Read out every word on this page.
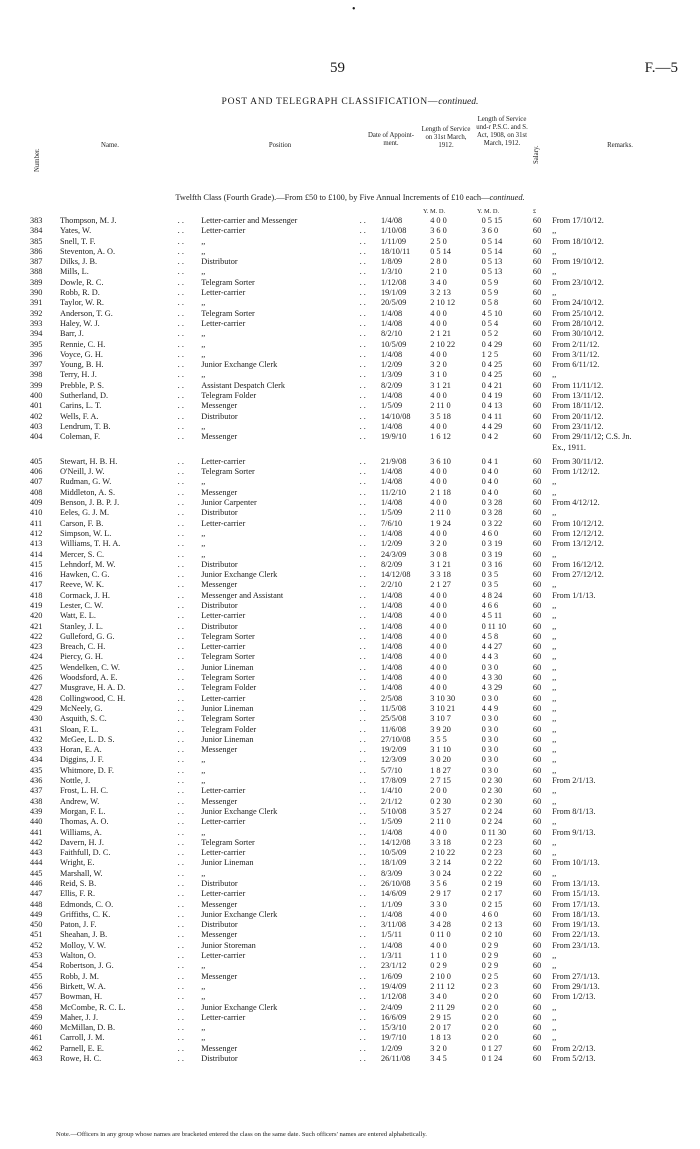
•
59	F.—5
POST AND TELEGRAPH CLASSIFICATION—continued.
Number.
Name.	Position
Date of Appoint- ment.
Length of Service on 31st March, 1912.
Length of Service und-r P.S.C. and S. Act, 1908, on 31st March, 1912.
Salary.	Remarks.
Twelfth Class (Fourth Grade).—From £50 to £100, by Five Annual Increments of £10 each—continued.
Y. M. D.	Y. M. D.	£
383	Thompson, M. J.	. .	Letter-carrier and Messenger	. .	1/4/08	4 0 0	0 5 15	60	From 17/10/12.
384	Yates, W.	. .	Letter-carrier	. .	1/10/08	3 6 0	3 6 0	60	,,
385	Snell, T. F.	. .	,,	. .	1/11/09	2 5 0	0 5 14	60	From 18/10/12.
386	Steventon, A. O.	. .	,,	. .	18/10/11	0 5 14	0 5 14	60	,,
387	Dilks, J. B.	. .	Distributor	. .	1/8/09	2 8 0	0 5 13	60	From 19/10/12.
388	Mills, L.	. .	,,	. .	1/3/10	2 1 0	0 5 13	60	,,
389	Dowle, R. C.	. .	Telegram Sorter	. .	1/12/08	3 4 0	0 5 9	60	From 23/10/12.
390	Robb, R. D.	. .	Letter-carrier	. .	19/1/09	3 2 13	0 5 9	60	,,
391	Taylor, W. R.	. .	,,	. .	20/5/09	2 10 12	0 5 8	60	From 24/10/12.
392	Anderson, T. G.	. .	Telegram Sorter	. .	1/4/08	4 0 0	4 5 10	60	From 25/10/12.
393	Haley, W. J.	. .	Letter-carrier	. .	1/4/08	4 0 0	0 5 4	60	From 28/10/12.
394	Barr, J.	. .	,,	. .	8/2/10	2 1 21	0 5 2	60	From 30/10/12.
395	Rennie, C. H.	. .	,,	. .	10/5/09	2 10 22	0 4 29	60	From 2/11/12.
396	Voyce, G. H.	. .	,,	. .	1/4/08	4 0 0	1 2 5	60	From 3/11/12.
397	Young, B. H.	. .	Junior Exchange Clerk	. .	1/2/09	3 2 0	0 4 25	60	From 6/11/12.
398	Terry, H. J.	. .	,,	. .	1/3/09	3 1 0	0 4 25	60	,,
399	Prebble, P. S.	. .	Assistant Despatch Clerk	. .	8/2/09	3 1 21	0 4 21	60	From 11/11/12.
400	Sutherland, D.	. .	Telegram Folder	. .	1/4/08	4 0 0	0 4 19	60	From 13/11/12.
401	Carins, L. T.	. .	Messenger	. .	1/5/09	2 11 0	0 4 13	60	From 18/11/12.
402	Wells, F. A.	. .	Distributor	. .	14/10/08	3 5 18	0 4 11	60	From 20/11/12.
403	Lendrum, T. B.	. .	,,	. .	1/4/08	4 0 0	4 4 29	60	From 23/11/12.
404	Coleman, F.	. .	Messenger	. .	19/9/10	1 6 12	0 4 2	60	From 29/11/12; C.S. Jn.
									Ex., 1911.
405	Stewart, H. B. H.	. .	Letter-carrier	. .	21/9/08	3 6 10	0 4 1	60	From 30/11/12.
406	O'Neill, J. W.	. .	Telegram Sorter	. .	1/4/08	4 0 0	0 4 0	60	From 1/12/12.
407	Rudman, G. W.	. .	,,	. .	1/4/08	4 0 0	0 4 0	60	,,
408	Middleton, A. S.	. .	Messenger	. .	11/2/10	2 1 18	0 4 0	60	,,
409	Benson, J. B. P. J.	. .	Junior Carpenter	. .	1/4/08	4 0 0	0 3 28	60	From 4/12/12.
410	Eeles, G. J. M.	. .	Distributor	. .	1/5/09	2 11 0	0 3 28	60	,,
411	Carson, F. B.	. .	Letter-carrier	. .	7/6/10	1 9 24	0 3 22	60	From 10/12/12.
412	Simpson, W. L.	. .	,,	. .	1/4/08	4 0 0	4 6 0	60	From 12/12/12.
413	Williams, T. H. A.	. .	,,	. .	1/2/09	3 2 0	0 3 19	60	From 13/12/12.
414	Mercer, S. C.	. .	,,	. .	24/3/09	3 0 8	0 3 19	60	,,
415	Lehndorf, M. W.	. .	Distributor	. .	8/2/09	3 1 21	0 3 16	60	From 16/12/12.
416	Hawken, C. G.	. .	Junior Exchange Clerk	. .	14/12/08	3 3 18	0 3 5	60	From 27/12/12.
417	Reeve, W. K.	. .	Messenger	. .	2/2/10	2 1 27	0 3 5	60	,,
418	Cormack, J. H.	. .	Messenger and Assistant	. .	1/4/08	4 0 0	4 8 24	60	From 1/1/13.
419	Lester, C. W.	. .	Distributor	. .	1/4/08	4 0 0	4 6 6	60	,,
420	Watt, E. L.	. .	Letter-carrier	. .	1/4/08	4 0 0	4 5 11	60	,,
421	Stanley, J. L.	. .	Distributor	. .	1/4/08	4 0 0	0 11 10	60	,,
422	Gulleford, G. G.	. .	Telegram Sorter	. .	1/4/08	4 0 0	4 5 8	60	,,
423	Breach, C. H.	. .	Letter-carrier	. .	1/4/08	4 0 0	4 4 27	60	,,
424	Piercy, G. H.	. .	Telegram Sorter	. .	1/4/08	4 0 0	4 4 3	60	,,
425	Wendelken, C. W.	. .	Junior Lineman	. .	1/4/08	4 0 0	0 3 0	60	,,
426	Woodsford, A. E.	. .	Telegram Sorter	. .	1/4/08	4 0 0	4 3 30	60	,,
427	Musgrave, H. A. D.	. .	Telegram Folder	. .	1/4/08	4 0 0	4 3 29	60	,,
428	Collingwood, C. H.	. .	Letter-carrier	. .	2/5/08	3 10 30	0 3 0	60	,,
429	McNeely, G.	. .	Junior Lineman	. .	11/5/08	3 10 21	4 4 9	60	,,
430	Asquith, S. C.	. .	Telegram Sorter	. .	25/5/08	3 10 7	0 3 0	60	,,
431	Sloan, F. L.	. .	Telegram Folder	. .	11/6/08	3 9 20	0 3 0	60	,,
432	McGee, L. D. S.	. .	Junior Lineman	. .	27/10/08	3 5 5	0 3 0	60	,,
433	Horan, E. A.	. .	Messenger	. .	19/2/09	3 1 10	0 3 0	60	,,
434	Diggins, J. F.	. .	,,	. .	12/3/09	3 0 20	0 3 0	60	,,
435	Whitmore, D. F.	. .	,,	. .	5/7/10	1 8 27	0 3 0	60	,,
436	Nottle, J.	. .	,,	. .	17/8/09	2 7 15	0 2 30	60	From 2/1/13.
437	Frost, L. H. C.	. .	Letter-carrier	. .	1/4/10	2 0 0	0 2 30	60	,,
438	Andrew, W.	. .	Messenger	. .	2/1/12	0 2 30	0 2 30	60	,,
439	Morgan, F. L.	. .	Junior Exchange Clerk	. .	5/10/08	3 5 27	0 2 24	60	From 8/1/13.
440	Thomas, A. O.	. .	Letter-carrier	. .	1/5/09	2 11 0	0 2 24	60	,,
441	Williams, A.	. .	,,	. .	1/4/08	4 0 0	0 11 30	60	From 9/1/13.
442	Davern, H. J.	. .	Telegram Sorter	. .	14/12/08	3 3 18	0 2 23	60	,,
443	Faithfull, D. C.	. .	Letter-carrier	. .	10/5/09	2 10 22	0 2 23	60	,,
444	Wright, E.	. .	Junior Lineman	. .	18/1/09	3 2 14	0 2 22	60	From 10/1/13.
445	Marshall, W.	. .	,,	. .	8/3/09	3 0 24	0 2 22	60	,,
446	Reid, S. B.	. .	Distributor	. .	26/10/08	3 5 6	0 2 19	60	From 13/1/13.
447	Ellis, F. R.	. .	Letter-carrier	. .	14/6/09	2 9 17	0 2 17	60	From 15/1/13.
448	Edmonds, C. O.	. .	Messenger	. .	1/1/09	3 3 0	0 2 15	60	From 17/1/13.
449	Griffiths, C. K.	. .	Junior Exchange Clerk	. .	1/4/08	4 0 0	4 6 0	60	From 18/1/13.
450	Paton, J. F.	. .	Distributor	. .	3/11/08	3 4 28	0 2 13	60	From 19/1/13.
451	Sheahan, J. B.	. .	Messenger	. .	1/5/11	0 11 0	0 2 10	60	From 22/1/13.
452	Molloy, V. W.	. .	Junior Storeman	. .	1/4/08	4 0 0	0 2 9	60	From 23/1/13.
453	Walton, O.	. .	Letter-carrier	. .	1/3/11	1 1 0	0 2 9	60	,,
454	Robertson, J. G.	. .	,,	. .	23/1/12	0 2 9	0 2 9	60	,,
455	Robb, J. M.	. .	Messenger	. .	1/6/09	2 10 0	0 2 5	60	From 27/1/13.
456	Birkett, W. A.	. .	,,	. .	19/4/09	2 11 12	0 2 3	60	From 29/1/13.
457	Bowman, H.	. .	,,	. .	1/12/08	3 4 0	0 2 0	60	From 1/2/13.
458	McCombe, R. C. L.	. .	Junior Exchange Clerk	. .	2/4/09	2 11 29	0 2 0	60	,,
459	Maher, J. J.	. .	Letter-carrier	. .	16/6/09	2 9 15	0 2 0	60	,,
460	McMillan, D. B.	. .	,,	. .	15/3/10	2 0 17	0 2 0	60	,,
461	Carroll, J. M.	. .	,,	. .	19/7/10	1 8 13	0 2 0	60	,,
462	Parnell, E. E.	. .	Messenger	. .	1/2/09	3 2 0	0 1 27	60	From 2/2/13.
463	Rowe, H. C.	. .	Distributor	. .	26/11/08	3 4 5	0 1 24	60	From 5/2/13.
Note.—Officers in any group whose names are bracketed entered the class on the same date. Such officers' names are entered alphabetically.
